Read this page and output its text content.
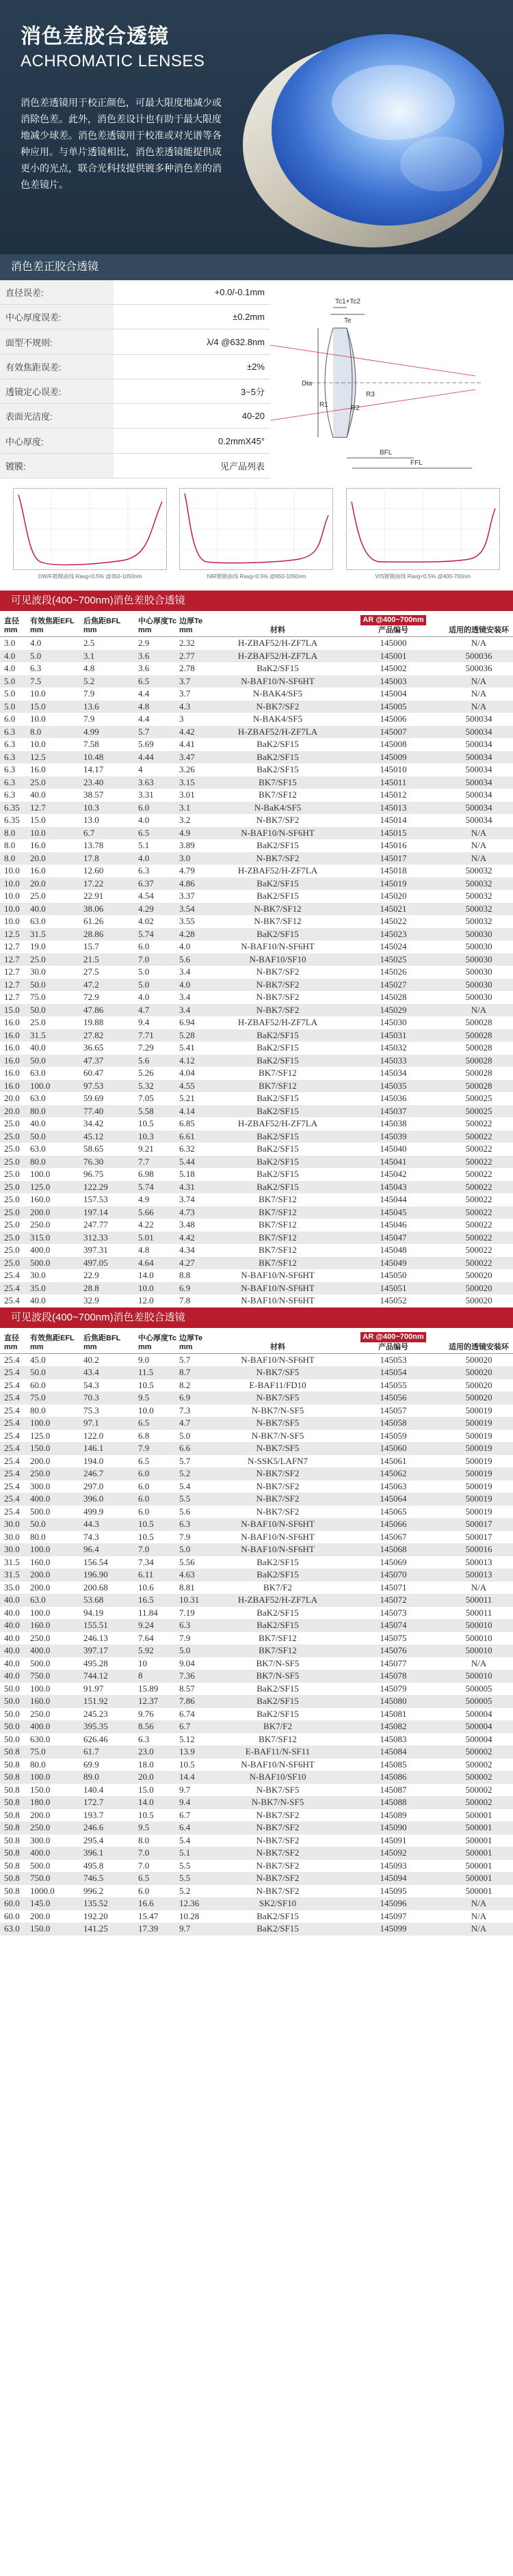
消色差胶合透镜
ACHROMATIC LENSES
消色差透镜用于校正颜色，可最大限度地减少或消除色差。此外，消色差设计也有助于最大限度地减少球差。消色差透镜用于校准或对光谱等各种应用。与单片透镜相比，消色差透镜能提供成更小的光点，联合光科技提供镀多种消色差的消色差镜片。
消色差正胶合透镜
直径误差:	+0.0/-0.1mm
中心厚度误差:	±0.2mm
面型不规则:	λ/4 @632.8nm
有效焦距误差:	±2%
透镜定心误差:	3~5分
表面光洁度:	40-20
中心厚度:	0.2mmX45°
镀膜:	见产品列表
Tc1+Tc2
Te
Dia
R1	R2
R3
BFL
FFL
DW/F镀膜曲线 Ravg<0.5% @350-1050nm	NIR镀膜曲线 Ravg<0.5% @650-1050nm	VIS镀膜曲线 Ravg<0.5% @400-700nm
可见波段(400~700nm)消色差胶合透镜
直径
mm	有效焦距EFL
mm	后焦距BFL
mm	中心厚度Tc
mm	边厚Te
mm	材料	AR @400~700nm
产品编号	适用的透镜安装环
3.0	4.0	2.5	2.9	2.32	H-ZBAF52/H-ZF7LA	145000	N/A
4.0	5.0	3.1	3.6	2.77	H-ZBAF52/H-ZF7LA	145001	500036
4.0	6.3	4.8	3.6	2.78	BaK2/SF15	145002	500036
5.0	7.5	5.2	6.5	3.7	N-BAF10/N-SF6HT	145003	N/A
5.0	10.0	7.9	4.4	3.7	N-BAK4/SF5	145004	N/A
5.0	15.0	13.6	4.8	4.3	N-BK7/SF2	145005	N/A
6.0	10.0	7.9	4.4	3	N-BAK4/SF5	145006	500034
6.3	8.0	4.99	5.7	4.42	H-ZBAF52/H-ZF7LA	145007	500034
6.3	10.0	7.58	5.69	4.41	BaK2/SF15	145008	500034
6.3	12.5	10.48	4.44	3.47	BaK2/SF15	145009	500034
6.3	16.0	14.17	4	3.26	BaK2/SF15	145010	500034
6.3	25.0	23.40	3.63	3.15	BK7/SF15	145011	500034
6.3	40.0	38.57	3.31	3.01	BK7/SF12	145012	500034
6.35	12.7	10.3	6.0	3.1	N-BaK4/SF5	145013	500034
6.35	15.0	13.0	4.0	3.2	N-BK7/SF2	145014	500034
8.0	10.0	6.7	6.5	4.9	N-BAF10/N-SF6HT	145015	N/A
8.0	16.0	13.78	5.1	3.89	BaK2/SF15	145016	N/A
8.0	20.0	17.8	4.0	3.0	N-BK7/SF2	145017	N/A
10.0	16.0	12.60	6.3	4.79	H-ZBAF52/H-ZF7LA	145018	500032
10.0	20.0	17.22	6.37	4.86	BaK2/SF15	145019	500032
10.0	25.0	22.91	4.54	3.37	BaK2/SF15	145020	500032
10.0	40.0	38.06	4.29	3.54	N-BK7/SF12	145021	500032
10.0	63.0	61.26	4.02	3.55	N-BK7/SF12	145022	500032
12.5	31.5	28.86	5.74	4.28	BaK2/SF15	145023	500030
12.7	19.0	15.7	6.0	4.0	N-BAF10/N-SF6HT	145024	500030
12.7	25.0	21.5	7.0	5.6	N-BAF10/SF10	145025	500030
12.7	30.0	27.5	5.0	3.4	N-BK7/SF2	145026	500030
12.7	50.0	47.2	5.0	4.0	N-BK7/SF2	145027	500030
12.7	75.0	72.9	4.0	3.4	N-BK7/SF2	145028	500030
15.0	50.0	47.86	4.7	3.4	N-BK7/SF2	145029	N/A
16.0	25.0	19.88	9.4	6.94	H-ZBAF52/H-ZF7LA	145030	500028
16.0	31.5	27.82	7.71	5.28	BaK2/SF15	145031	500028
16.0	40.0	36.65	7.29	5.41	BaK2/SF15	145032	500028
16.0	50.0	47.37	5.6	4.12	BaK2/SF15	145033	500028
16.0	63.0	60.47	5.26	4.04	BK7/SF12	145034	500028
16.0	100.0	97.53	5.32	4.55	BK7/SF12	145035	500028
20.0	63.0	59.69	7.05	5.21	BaK2/SF15	145036	500025
20.0	80.0	77.40	5.58	4.14	BaK2/SF15	145037	500025
25.0	40.0	34.42	10.5	6.85	H-ZBAF52/H-ZF7LA	145038	500022
25.0	50.0	45.12	10.3	6.61	BaK2/SF15	145039	500022
25.0	63.0	58.65	9.21	6.32	BaK2/SF15	145040	500022
25.0	80.0	76.30	7.7	5.44	BaK2/SF15	145041	500022
25.0	100.0	96.75	6.98	5.18	BaK2/SF15	145042	500022
25.0	125.0	122.29	5.74	4.31	BaK2/SF15	145043	500022
25.0	160.0	157.53	4.9	3.74	BK7/SF12	145044	500022
25.0	200.0	197.14	5.66	4.73	BK7/SF12	145045	500022
25.0	250.0	247.77	4.22	3.48	BK7/SF12	145046	500022
25.0	315.0	312.33	5.01	4.42	BK7/SF12	145047	500022
25.0	400.0	397.31	4.8	4.34	BK7/SF12	145048	500022
25.0	500.0	497.05	4.64	4.27	BK7/SF12	145049	500022
25.4	30.0	22.9	14.0	8.8	N-BAF10/N-SF6HT	145050	500020
25.4	35.0	28.8	10.0	6.9	N-BAF10/N-SF6HT	145051	500020
25.4	40.0	32.9	12.0	7.8	N-BAF10/N-SF6HT	145052	500020
可见波段(400~700nm)消色差胶合透镜
直径
mm	有效焦距EFL
mm	后焦距BFL
mm	中心厚度Tc
mm	边厚Te
mm	材料	AR @400~700nm
产品编号	适用的透镜安装环
25.4	45.0	40.2	9.0	5.7	N-BAF10/N-SF6HT	145053	500020
25.4	50.0	43.4	11.5	8.7	N-BK7/SF5	145054	500020
25.4	60.0	54.3	10.5	8.2	E-BAF11/FD10	145055	500020
25.4	75.0	70.3	9.5	6.9	N-BK7/SF5	145056	500020
25.4	80.0	75.3	10.0	7.3	N-BK7/N-SF5	145057	500019
25.4	100.0	97.1	6.5	4.7	N-BK7/SF5	145058	500019
25.4	125.0	122.0	6.8	5.0	N-BK7/N-SF5	145059	500019
25.4	150.0	146.1	7.9	6.6	N-BK7/SF5	145060	500019
25.4	200.0	194.0	6.5	5.7	N-SSK5/LAFN7	145061	500019
25.4	250.0	246.7	6.0	5.2	N-BK7/SF2	145062	500019
25.4	300.0	297.0	6.0	5.4	N-BK7/SF2	145063	500019
25.4	400.0	396.0	6.0	5.5	N-BK7/SF2	145064	500019
25.4	500.0	499.9	6.0	5.6	N-BK7/SF2	145065	500019
30.0	50.0	44.3	10.5	6.3	N-BAF10/N-SF6HT	145066	500017
30.0	80.0	74.3	10.5	7.9	N-BAF10/N-SF6HT	145067	500017
30.0	100.0	96.4	7.0	5.0	N-BAF10/N-SF6HT	145068	500016
31.5	160.0	156.54	7.34	5.56	BaK2/SF15	145069	500013
31.5	200.0	196.90	6.11	4.63	BaK2/SF15	145070	500013
35.0	200.0	200.68	10.6	8.81	BK7/F2	145071	N/A
40.0	63.0	53.68	16.5	10.31	H-ZBAF52/H-ZF7LA	145072	500011
40.0	100.0	94.19	11.84	7.19	BaK2/SF15	145073	500011
40.0	160.0	155.51	9.24	6.3	BaK2/SF15	145074	500010
40.0	250.0	246.13	7.64	7.9	BK7/SF12	145075	500010
40.0	400.0	397.17	5.92	5.0	BK7/SF12	145076	500010
40.0	500.0	495.28	10	9.04	BK7/N-SF5	145077	N/A
40.0	750.0	744.12	8	7.36	BK7/N-SF5	145078	500010
50.0	100.0	91.97	15.89	8.57	BaK2/SF15	145079	500005
50.0	160.0	151.92	12.37	7.86	BaK2/SF15	145080	500005
50.0	250.0	245.23	9.76	6.74	BaK2/SF15	145081	500004
50.0	400.0	395.35	8.56	6.7	BK7/F2	145082	500004
50.0	630.0	626.46	6.3	5.12	BK7/SF12	145083	500004
50.8	75.0	61.7	23.0	13.9	E-BAF11/N-SF11	145084	500002
50.8	80.0	69.9	18.0	10.5	N-BAF10/N-SF6HT	145085	500002
50.8	100.0	89.0	20.0	14.4	N-BAF10/SF10	145086	500002
50.8	150.0	140.4	15.0	9.7	N-BK7/SF5	145087	500002
50.8	180.0	172.7	14.0	9.4	N-BK7/N-SF5	145088	500002
50.8	200.0	193.7	10.5	6.7	N-BK7/SF2	145089	500001
50.8	250.0	246.6	9.5	6.4	N-BK7/SF2	145090	500001
50.8	300.0	295.4	8.0	5.4	N-BK7/SF2	145091	500001
50.8	400.0	396.1	7.0	5.1	N-BK7/SF2	145092	500001
50.8	500.0	495.8	7.0	5.5	N-BK7/SF2	145093	500001
50.8	750.0	746.5	6.5	5.5	N-BK7/SF2	145094	500001
50.8	1000.0	996.2	6.0	5.2	N-BK7/SF2	145095	500001
60.0	145.0	135.52	16.6	12.36	SK2/SF10	145096	N/A
60.0	200.0	192.20	15.47	10.28	BaK2/SF15	145097	N/A
63.0	150.0	141.25	17.39	9.7	BaK2/SF15	145099	N/A
